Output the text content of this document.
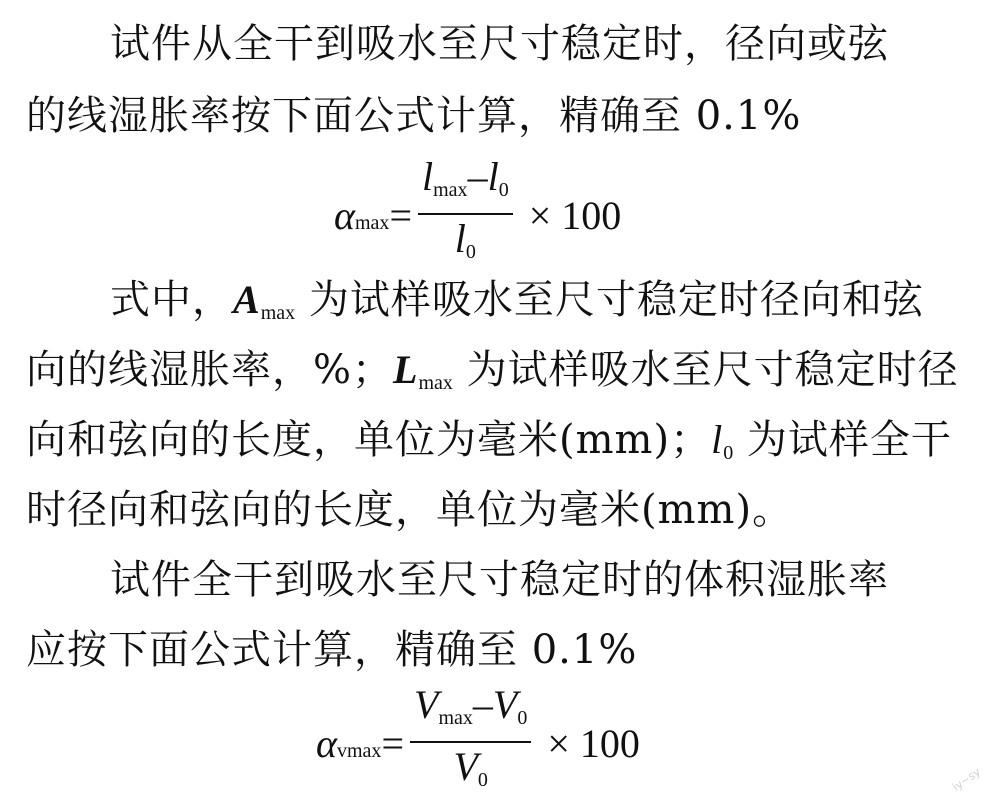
试件从全干到吸水至尺寸稳定时，径向或弦
的线湿胀率按下面公式计算，精确至 0.1%
α $\max = \frac{l_{max}-l_0}{l_0} \times 100$
式中，$A_{max}$ 为试样吸水至尺寸稳定时径向和弦
向的线湿胀率，%；$L_{max}$ 为试样吸水至尺寸稳定时径
向和弦向的长度，单位为毫米(mm)；$l_0$ 为试样全干
时径向和弦向的长度，单位为毫米(mm)。
试件全干到吸水至尺寸稳定时的体积湿胀率
应按下面公式计算，精确至 0.1%
α $vmax = \frac{V_{max}-V_0}{V_0} \times 100$
iy~sy
